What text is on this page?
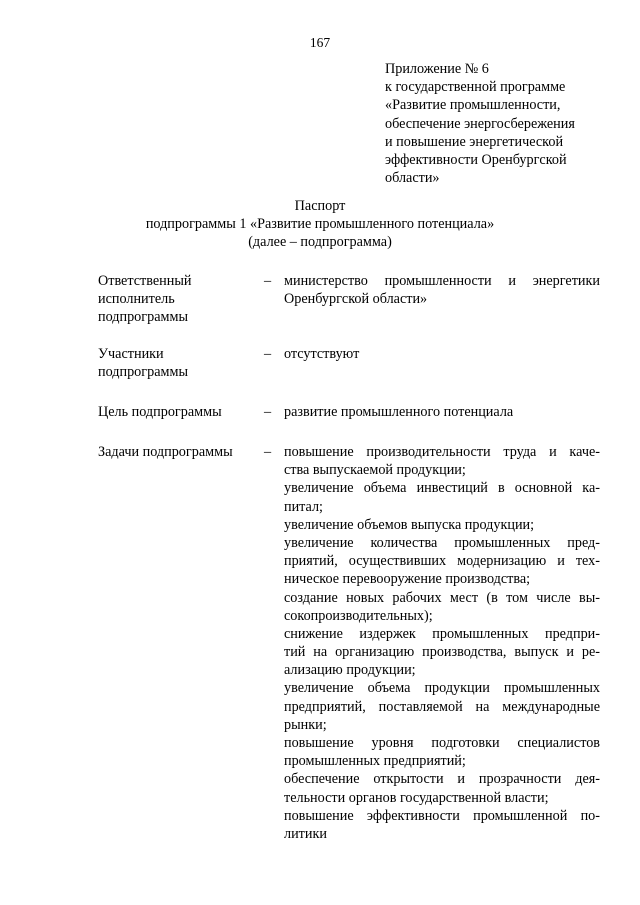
167
Приложение № 6
к государственной программе
«Развитие промышленности,
обеспечение энергосбережения
и повышение энергетической
эффективности Оренбургской
области»
Паспорт
подпрограммы 1 «Развитие промышленного потенциала»
(далее – подпрограмма)
Ответственный
исполнитель
подпрограммы
– министерство промышленности и энергетики
Оренбургской области»
Участники
подпрограммы
– отсутствуют
Цель подпрограммы	– развитие промышленного потенциала
Задачи подпрограммы	– повышение производительности труда и каче-
ства выпускаемой продукции;
увеличение объема инвестиций в основной ка-
питал;
увеличение объемов выпуска продукции;
увеличение количества промышленных пред-
приятий, осуществивших модернизацию и тех-
ническое перевооружение производства;
создание новых рабочих мест (в том числе вы-
сокопроизводительных);
снижение издержек промышленных предпри-
тий на организацию производства, выпуск и ре-
ализацию продукции;
увеличение объема продукции промышленных
предприятий, поставляемой на международные
рынки;
повышение уровня подготовки специалистов
промышленных предприятий;
обеспечение открытости и прозрачности дея-
тельности органов государственной власти;
повышение эффективности промышленной по-
литики
